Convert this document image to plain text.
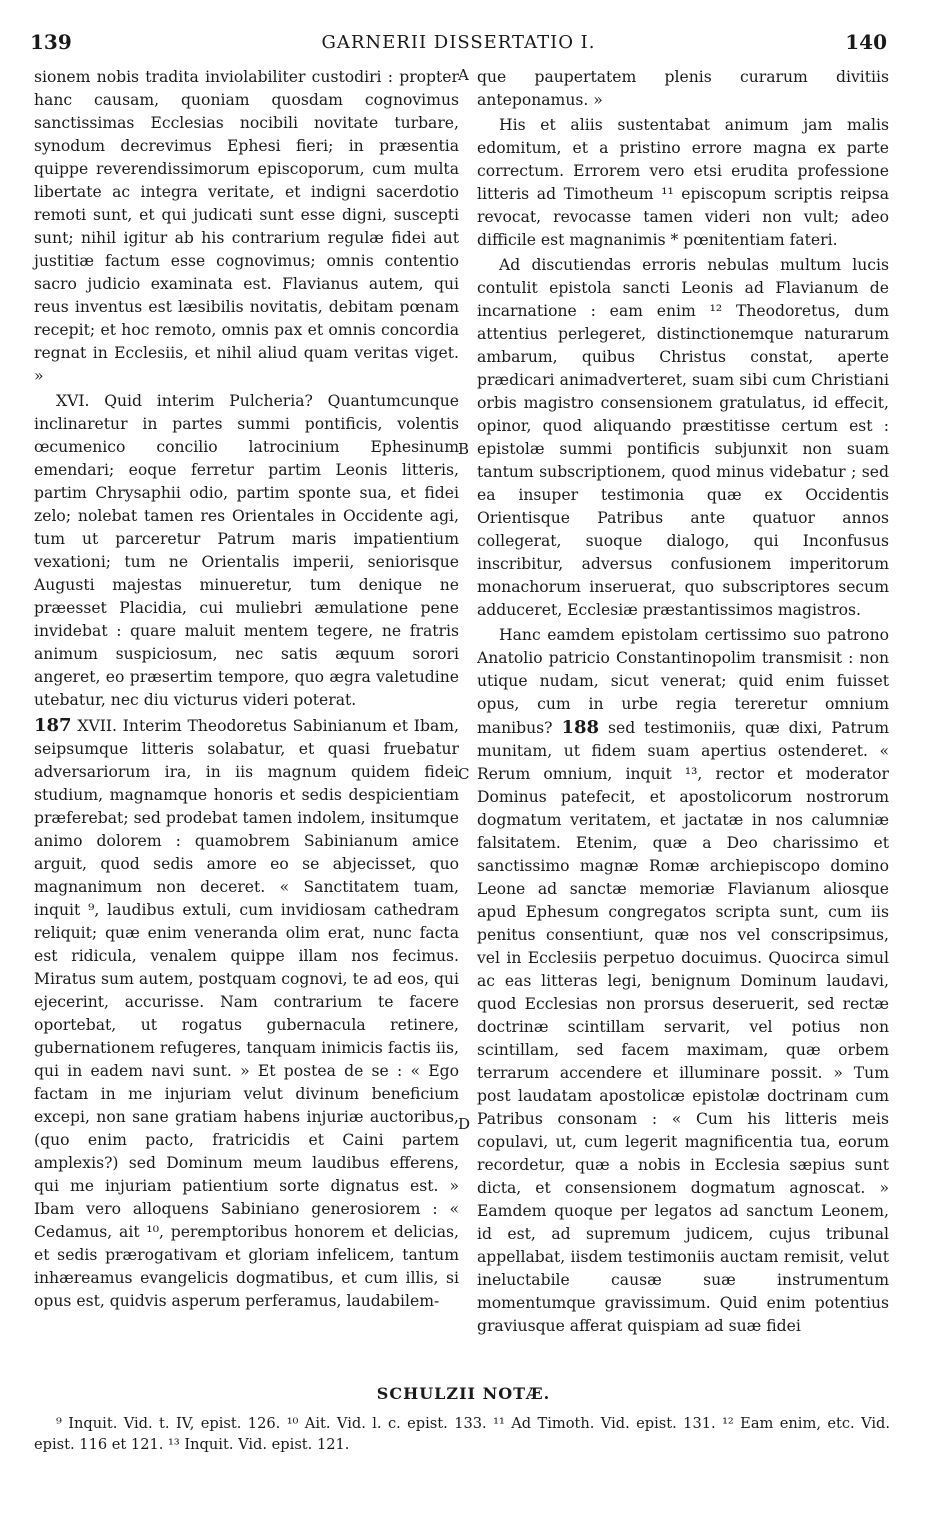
139	GARNERII DISSERTATIO I.	140

sionem nobis tradita inviolabiliter custodiri : propter hanc causam, quoniam quosdam cognovimus sanctissimas Ecclesias nocibili novitate turbare, synodum decrevimus Ephesi fieri; in præsentia quippe reverendissimorum episcoporum, cum multa libertate ac integra veritate, et indigni sacerdotio remoti sunt, et qui judicati sunt esse digni, suscepti sunt; nihil igitur ab his contrarium regulæ fidei aut justitiæ factum esse cognovimus; omnis contentio sacro judicio examinata est. Flavianus autem, qui reus inventus est læsibilis novitatis, debitam pœnam recepit; et hoc remoto, omnis pax et omnis concordia regnat in Ecclesiis, et nihil aliud quam veritas viget. »

XVI. Quid interim Pulcheria? Quantumcunque inclinaretur in partes summi pontificis, volentis œcumenico concilio latrocinium Ephesinum emendari; eoque ferretur partim Leonis litteris, partim Chrysaphii odio, partim sponte sua, et fidei zelo; nolebat tamen res Orientales in Occidente agi, tum ut parceretur Patrum maris impatientium vexationi; tum ne Orientalis imperii, seniorisque Augusti majestas minueretur, tum denique ne præesset Placidia, cui muliebri æmulatione pene invidebat : quare maluit mentem tegere, ne fratris animum suspiciosum, nec satis æquum sorori angeret, eo præsertim tempore, quo ægra valetudine utebatur, nec diu victurus videri poterat.

187 XVII. Interim Theodoretus Sabinianum et Ibam, seipsumque litteris solabatur, et quasi fruebatur adversariorum ira, in iis magnum quidem fidei studium, magnamque honoris et sedis despicientiam præferebat; sed prodebat tamen indolem, insitumque animo dolorem : quamobrem Sabinianum amice arguit, quod sedis amore eo se abjecisset, quo magnanimum non deceret. « Sanctitatem tuam, inquit ⁹, laudibus extuli, cum invidiosam cathedram reliquit; quæ enim veneranda olim erat, nunc facta est ridicula, venalem quippe illam nos fecimus. Miratus sum autem, postquam cognovi, te ad eos, qui ejecerint, accurisse. Nam contrarium te facere oportebat, ut rogatus gubernacula retinere, gubernationem refugeres, tanquam inimicis factis iis, qui in eadem navi sunt. » Et postea de se : « Ego factam in me injuriam velut divinum beneficium excepi, non sane gratiam habens injuriæ auctoribus, (quo enim pacto, fratricidis et Caini partem amplexis?) sed Dominum meum laudibus efferens, qui me injuriam patientium sorte dignatus est. » Ibam vero alloquens Sabiniano generosiorem : « Cedamus, ait ¹⁰, peremptoribus honorem et delicias, et sedis prærogativam et gloriam infelicem, tantum inhæreamus evangelicis dogmatibus, et cum illis, si opus est, quidvis asperum perferamus, laudabilem-

A
B
C
D

que paupertatem plenis curarum divitiis anteponamus. »

His et aliis sustentabat animum jam malis edomitum, et a pristino errore magna ex parte correctum. Errorem vero etsi erudita professione litteris ad Timotheum ¹¹ episcopum scriptis reipsa revocat, revocasse tamen videri non vult; adeo difficile est magnanimis * pœnitentiam fateri.

Ad discutiendas erroris nebulas multum lucis contulit epistola sancti Leonis ad Flavianum de incarnatione : eam enim ¹² Theodoretus, dum attentius perlegeret, distinctionemque naturarum ambarum, quibus Christus constat, aperte prædicari animadverteret, suam sibi cum Christiani orbis magistro consensionem gratulatus, id effecit, opinor, quod aliquando præstitisse certum est : epistolæ summi pontificis subjunxit non suam tantum subscriptionem, quod minus videbatur ; sed ea insuper testimonia quæ ex Occidentis Orientisque Patribus ante quatuor annos collegerat, suoque dialogo, qui Inconfusus inscribitur, adversus confusionem imperitorum monachorum inseruerat, quo subscriptores secum adduceret, Ecclesiæ præstantissimos magistros.

Hanc eamdem epistolam certissimo suo patrono Anatolio patricio Constantinopolim transmisit : non utique nudam, sicut venerat; quid enim fuisset opus, cum in urbe regia tereretur omnium manibus? 188 sed testimoniis, quæ dixi, Patrum munitam, ut fidem suam apertius ostenderet. « Rerum omnium, inquit ¹³, rector et moderator Dominus patefecit, et apostolicorum nostrorum dogmatum veritatem, et jactatæ in nos calumniæ falsitatem. Etenim, quæ a Deo charissimo et sanctissimo magnæ Romæ archiepiscopo domino Leone ad sanctæ memoriæ Flavianum aliosque apud Ephesum congregatos scripta sunt, cum iis penitus consentiunt, quæ nos vel conscripsimus, vel in Ecclesiis perpetuo docuimus. Quocirca simul ac eas litteras legi, benignum Dominum laudavi, quod Ecclesias non prorsus deseruerit, sed rectæ doctrinæ scintillam servarit, vel potius non scintillam, sed facem maximam, quæ orbem terrarum accendere et illuminare possit. » Tum post laudatam apostolicæ epistolæ doctrinam cum Patribus consonam : « Cum his litteris meis copulavi, ut, cum legerit magnificentia tua, eorum recordetur, quæ a nobis in Ecclesia sæpius sunt dicta, et consensionem dogmatum agnoscat. » Eamdem quoque per legatos ad sanctum Leonem, id est, ad supremum judicem, cujus tribunal appellabat, iisdem testimoniis auctam remisit, velut ineluctabile causæ suæ instrumentum momentumque gravissimum. Quid enim potentius graviusque afferat quispiam ad suæ fidei

SCHULZII NOTÆ.

⁹ Inquit. Vid. t. IV, epist. 126. ¹⁰ Ait. Vid. l. c. epist. 133. ¹¹ Ad Timoth. Vid. epist. 131. ¹² Eam enim, etc. Vid. epist. 116 et 121. ¹³ Inquit. Vid. epist. 121.
